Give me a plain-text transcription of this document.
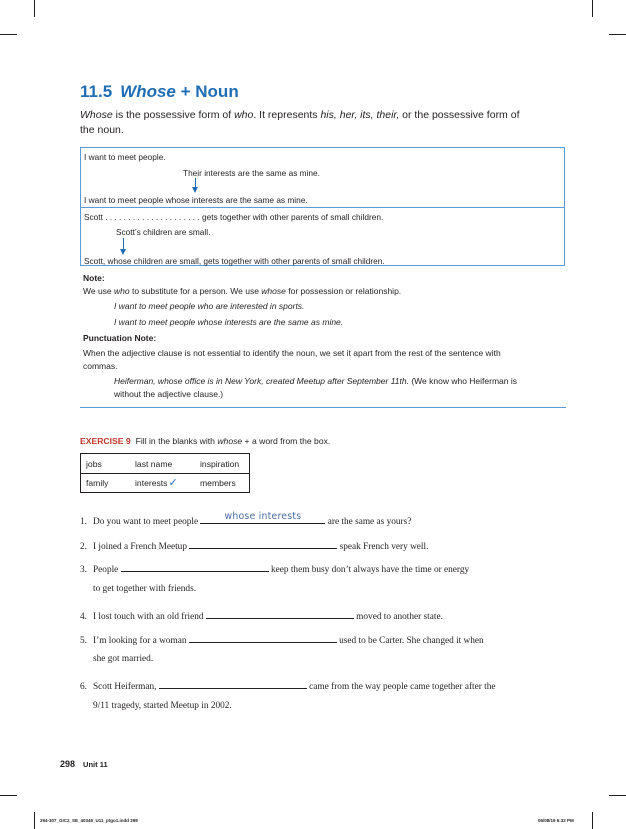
11.5 Whose + Noun
Whose is the possessive form of who. It represents his, her, its, their, or the possessive form of the noun.
I want to meet people.
Their interests are the same as mine.
I want to meet people whose interests are the same as mine.
Scott . . . . . . . . . . . . . . . . . . . . . gets together with other parents of small children.
Scott’s children are small.
Scott, whose children are small, gets together with other parents of small children.
Note:
We use who to substitute for a person. We use whose for possession or relationship.
I want to meet people who are interested in sports.
I want to meet people whose interests are the same as mine.
Punctuation Note:
When the adjective clause is not essential to identify the noun, we set it apart from the rest of the sentence with
commas.
Heiferman, whose office is in New York, created Meetup after September 11th. (We know who Heiferman is
without the adjective clause.)
EXERCISE 9 Fill in the blanks with whose + a word from the box.
jobs	last name	inspiration
family	interests✓	members
1. Do you want to meet people	whose interests	are the same as yours?
2. I joined a French Meetup	speak French very well.
3. People	keep them busy don’t always have the time or energy
to get together with friends.
4. I lost touch with an old friend	moved to another state.
5. I’m looking for a woman	used to be Carter. She changed it when
she got married.
6. Scott Heiferman,	came from the way people came together after the
9/11 tragedy, started Meetup in 2002.
298 Unit 11
294-307_GIC2_SE_40346_U11_ptgo1.indd 298	06/08/19 6:32 PM
